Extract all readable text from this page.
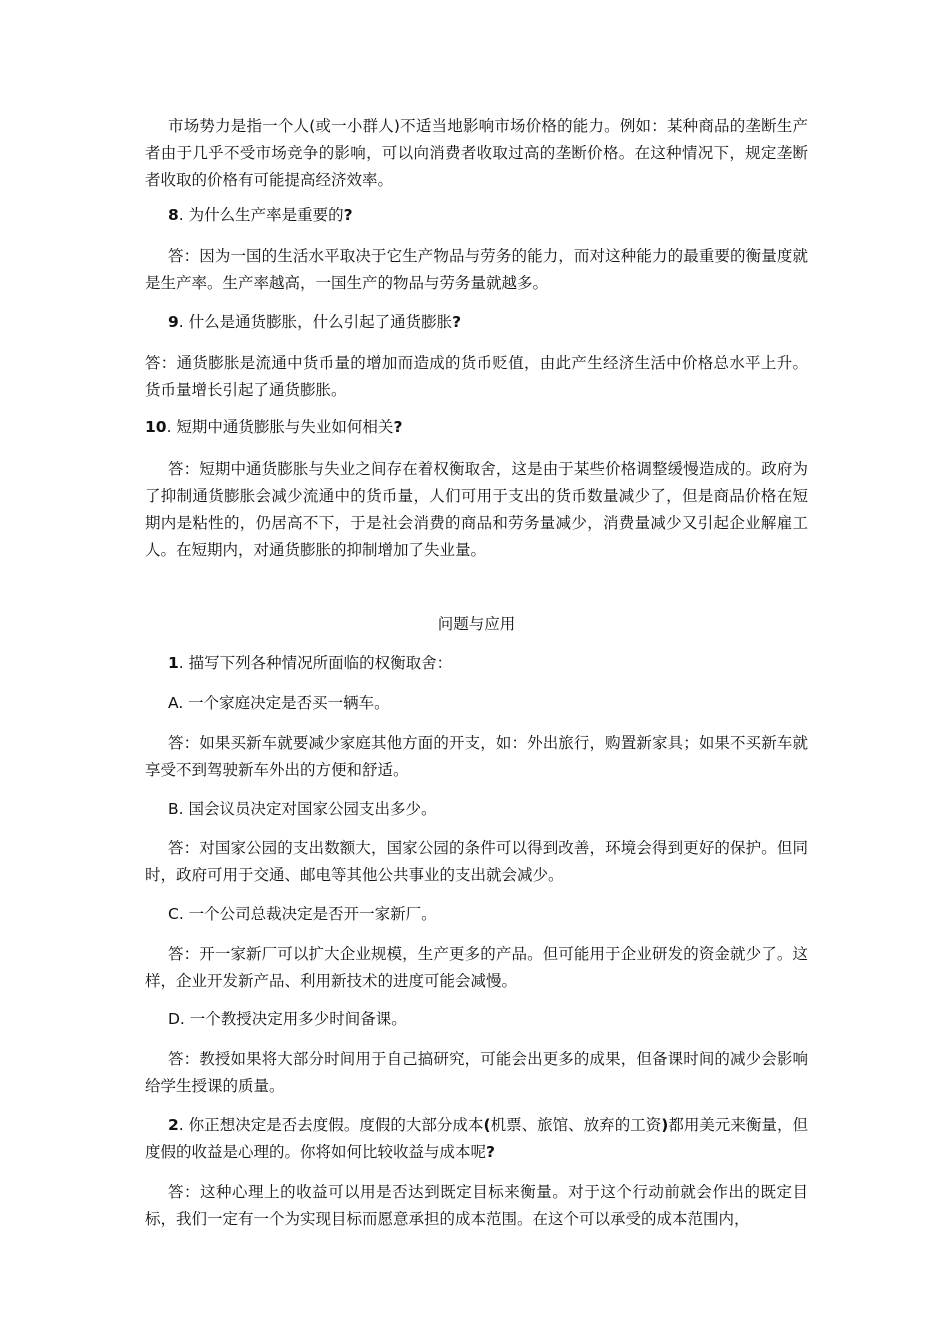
市场势力是指一个人(或一小群人)不适当地影响市场价格的能力。例如：某种商品的垄断生产者由于几乎不受市场竞争的影响，可以向消费者收取过高的垄断价格。在这种情况下，规定垄断者收取的价格有可能提高经济效率。

8. 为什么生产率是重要的?

答：因为一国的生活水平取决于它生产物品与劳务的能力，而对这种能力的最重要的衡量度就是生产率。生产率越高，一国生产的物品与劳务量就越多。

9. 什么是通货膨胀，什么引起了通货膨胀?

答：通货膨胀是流通中货币量的增加而造成的货币贬值，由此产生经济生活中价格总水平上升。货币量增长引起了通货膨胀。

10. 短期中通货膨胀与失业如何相关?

答：短期中通货膨胀与失业之间存在着权衡取舍，这是由于某些价格调整缓慢造成的。政府为了抑制通货膨胀会减少流通中的货币量，人们可用于支出的货币数量减少了，但是商品价格在短期内是粘性的，仍居高不下，于是社会消费的商品和劳务量减少，消费量减少又引起企业解雇工人。在短期内，对通货膨胀的抑制增加了失业量。

问题与应用

1. 描写下列各种情况所面临的权衡取舍：

A. 一个家庭决定是否买一辆车。

答：如果买新车就要减少家庭其他方面的开支，如：外出旅行，购置新家具；如果不买新车就享受不到驾驶新车外出的方便和舒适。

B. 国会议员决定对国家公园支出多少。

答：对国家公园的支出数额大，国家公园的条件可以得到改善，环境会得到更好的保护。但同时，政府可用于交通、邮电等其他公共事业的支出就会减少。

C. 一个公司总裁决定是否开一家新厂。

答：开一家新厂可以扩大企业规模，生产更多的产品。但可能用于企业研发的资金就少了。这样，企业开发新产品、利用新技术的进度可能会减慢。

D. 一个教授决定用多少时间备课。

答：教授如果将大部分时间用于自己搞研究，可能会出更多的成果，但备课时间的减少会影响给学生授课的质量。

2. 你正想决定是否去度假。度假的大部分成本(机票、旅馆、放弃的工资)都用美元来衡量，但度假的收益是心理的。你将如何比较收益与成本呢?

答：这种心理上的收益可以用是否达到既定目标来衡量。对于这个行动前就会作出的既定目标，我们一定有一个为实现目标而愿意承担的成本范围。在这个可以承受的成本范围内，
